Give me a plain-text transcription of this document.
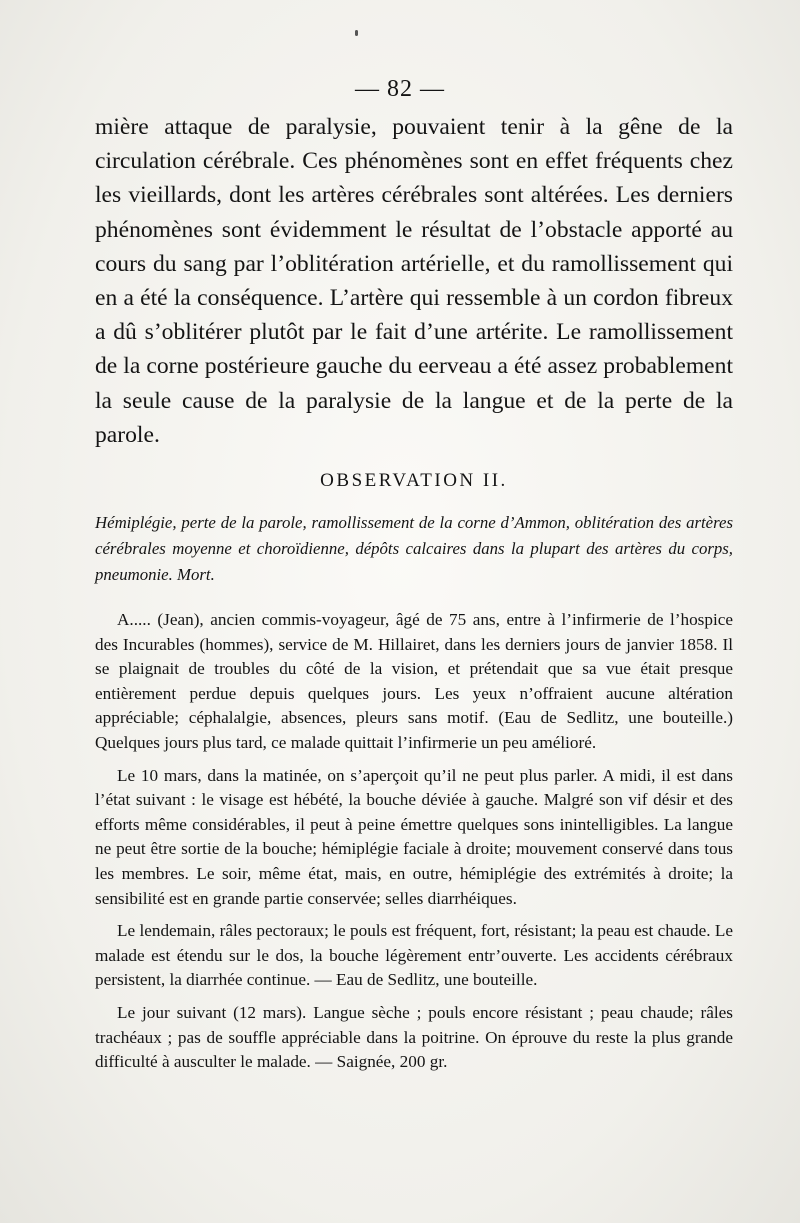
— 82 —

mière attaque de paralysie, pouvaient tenir à la gêne de la circulation cérébrale. Ces phénomènes sont en effet fréquents chez les vieillards, dont les artères cérébrales sont altérées. Les derniers phénomènes sont évidemment le résultat de l’obstacle apporté au cours du sang par l’oblitération artérielle, et du ramollissement qui en a été la conséquence. L’artère qui ressemble à un cordon fibreux a dû s’oblitérer plutôt par le fait d’une artérite. Le ramollissement de la corne postérieure gauche du eerveau a été assez probablement la seule cause de la paralysie de la langue et de la perte de la parole.

OBSERVATION II.

Hémiplégie, perte de la parole, ramollissement de la corne d’Ammon, oblitération des artères cérébrales moyenne et choroïdienne, dépôts calcaires dans la plupart des artères du corps, pneumonie. Mort.

A..... (Jean), ancien commis-voyageur, âgé de 75 ans, entre à l’infirmerie de l’hospice des Incurables (hommes), service de M. Hillairet, dans les derniers jours de janvier 1858. Il se plaignait de troubles du côté de la vision, et prétendait que sa vue était presque entièrement perdue depuis quelques jours. Les yeux n’offraient aucune altération appréciable; céphalalgie, absences, pleurs sans motif. (Eau de Sedlitz, une bouteille.) Quelques jours plus tard, ce malade quittait l’infirmerie un peu amélioré.

Le 10 mars, dans la matinée, on s’aperçoit qu’il ne peut plus parler. A midi, il est dans l’état suivant : le visage est hébété, la bouche déviée à gauche. Malgré son vif désir et des efforts même considérables, il peut à peine émettre quelques sons inintelligibles. La langue ne peut être sortie de la bouche; hémiplégie faciale à droite; mouvement conservé dans tous les membres. Le soir, même état, mais, en outre, hémiplégie des extrémités à droite; la sensibilité est en grande partie conservée; selles diarrhéiques.

Le lendemain, râles pectoraux; le pouls est fréquent, fort, résistant; la peau est chaude. Le malade est étendu sur le dos, la bouche légèrement entr’ouverte. Les accidents cérébraux persistent, la diarrhée continue. — Eau de Sedlitz, une bouteille.

Le jour suivant (12 mars). Langue sèche ; pouls encore résistant ; peau chaude; râles trachéaux ; pas de souffle appréciable dans la poitrine. On éprouve du reste la plus grande difficulté à ausculter le malade. — Saignée, 200 gr.
